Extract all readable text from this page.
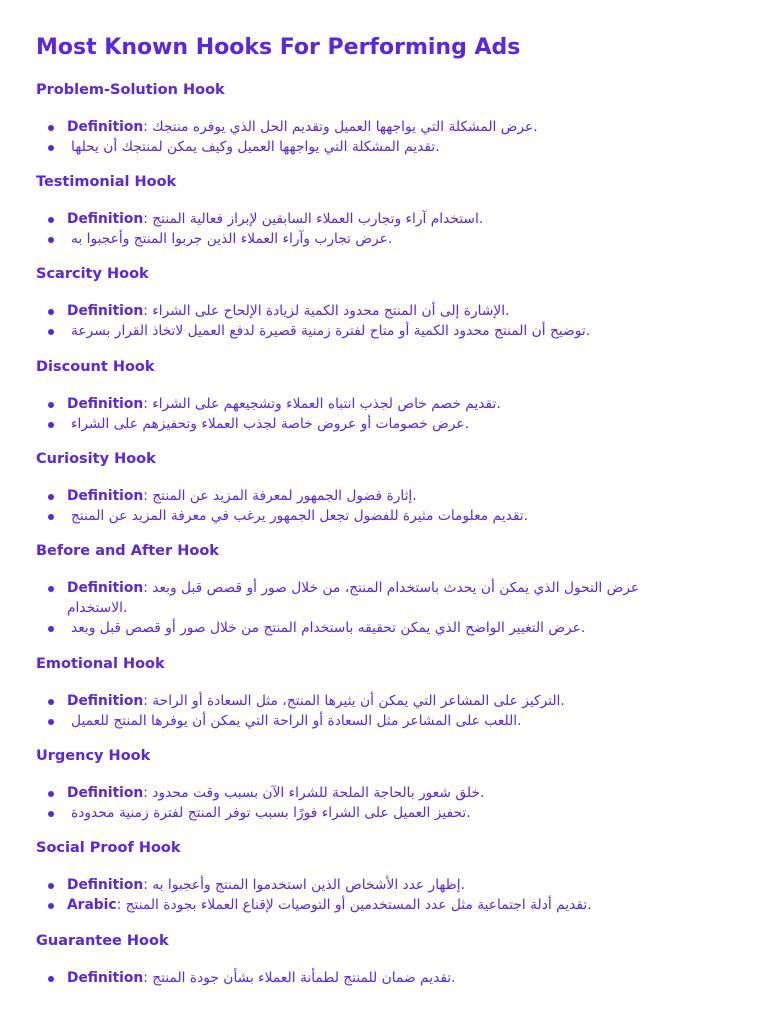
Most Known Hooks For Performing Ads
Problem-Solution Hook
Definition: عرض المشكلة التي يواجهها العميل وتقديم الحل الذي يوفره منتجك.
تقديم المشكلة التي يواجهها العميل وكيف يمكن لمنتجك أن يحلها.
Testimonial Hook
Definition: استخدام آراء وتجارب العملاء السابقين لإبراز فعالية المنتج.
عرض تجارب وآراء العملاء الذين جربوا المنتج وأعجبوا به.
Scarcity Hook
Definition: الإشارة إلى أن المنتج محدود الكمية لزيادة الإلحاح على الشراء.
توضيح أن المنتج محدود الكمية أو متاح لفترة زمنية قصيرة لدفع العميل لاتخاذ القرار بسرعة.
Discount Hook
Definition: تقديم خصم خاص لجذب انتباه العملاء وتشجيعهم على الشراء.
عرض خصومات أو عروض خاصة لجذب العملاء وتحفيزهم على الشراء.
Curiosity Hook
Definition: إثارة فضول الجمهور لمعرفة المزيد عن المنتج.
تقديم معلومات مثيرة للفضول تجعل الجمهور يرغب في معرفة المزيد عن المنتج.
Before and After Hook
Definition: عرض التحول الذي يمكن أن يحدث باستخدام المنتج، من خلال صور أو قصص قبل وبعد الاستخدام.
عرض التغيير الواضح الذي يمكن تحقيقه باستخدام المنتج من خلال صور أو قصص قبل وبعد.
Emotional Hook
Definition: التركيز على المشاعر التي يمكن أن يثيرها المنتج، مثل السعادة أو الراحة.
اللعب على المشاعر مثل السعادة أو الراحة التي يمكن أن يوفرها المنتج للعميل.
Urgency Hook
Definition: خلق شعور بالحاجة الملحة للشراء الآن بسبب وقت محدود.
تحفيز العميل على الشراء فورًا بسبب توفر المنتج لفترة زمنية محدودة.
Social Proof Hook
Definition: إظهار عدد الأشخاص الذين استخدموا المنتج وأعجبوا به.
Arabic: تقديم أدلة اجتماعية مثل عدد المستخدمين أو التوصيات لإقناع العملاء بجودة المنتج.
Guarantee Hook
Definition: تقديم ضمان للمنتج لطمأنة العملاء بشأن جودة المنتج.
